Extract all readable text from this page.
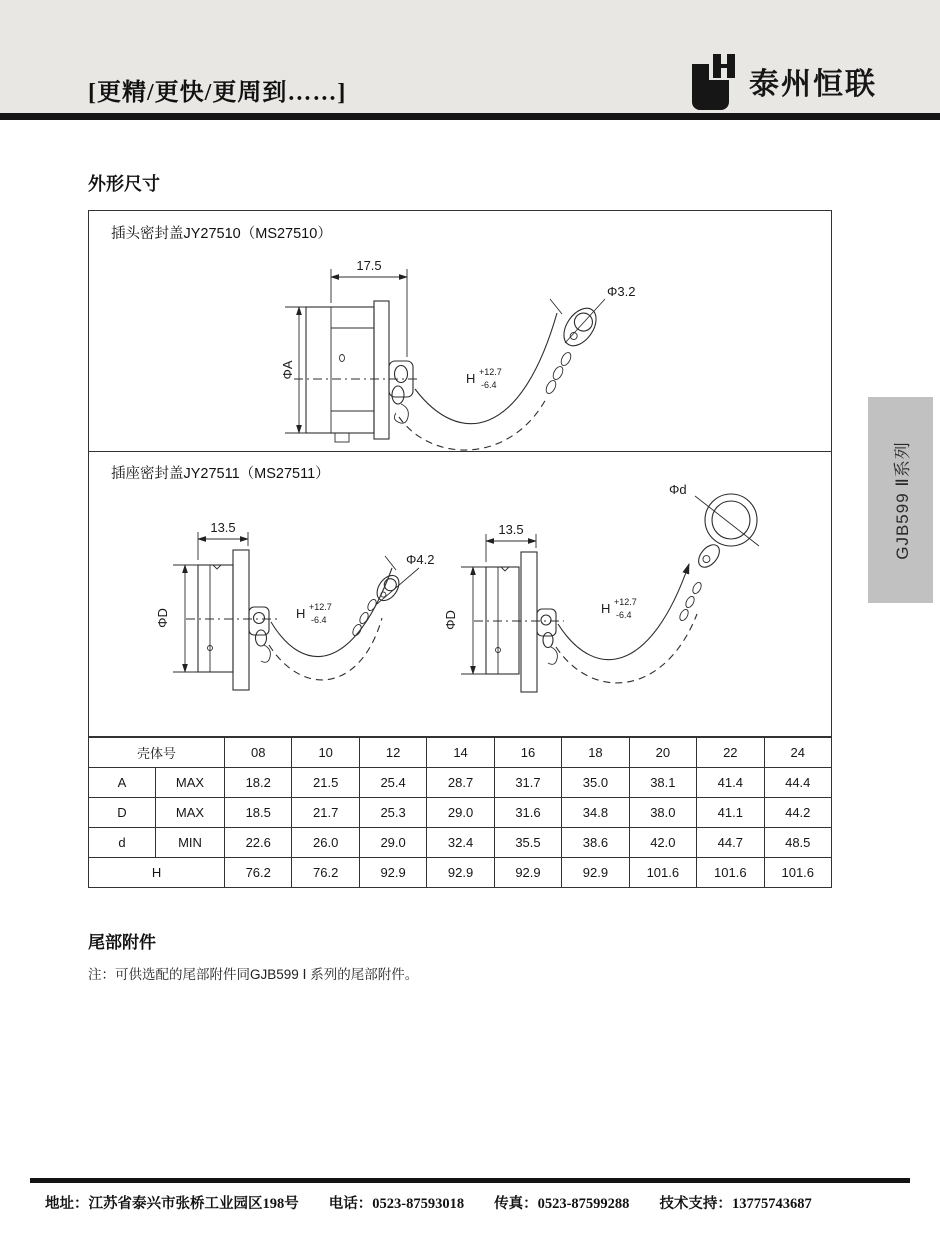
[更精/更快/更周到……]	泰州恒联
外形尺寸
插头密封盖JY27510（MS27510）
插座密封盖JY27511（MS27511）
17.5
ΦA
Φ3.2
H +12.7
-6.4
13.5
ΦD
Φ4.2
H +12.7
-6.4
13.5
ΦD
Φd
H +12.7
-6.4
壳体号		08	10	12	14	16	18	20	22	24
A	MAX	18.2	21.5	25.4	28.7	31.7	35.0	38.1	41.4	44.4
D	MAX	18.5	21.7	25.3	29.0	31.6	34.8	38.0	41.1	44.2
d	MIN	22.6	26.0	29.0	32.4	35.5	38.6	42.0	44.7	48.5
H		76.2	76.2	92.9	92.9	92.9	92.9	101.6	101.6	101.6
尾部附件
注：可供选配的尾部附件同GJB599 Ⅰ 系列的尾部附件。
GJB599 Ⅱ系列
地址：江苏省泰兴市张桥工业园区198号 电话：0523-87593018 传真：0523-87599288 技术支持：13775743687
